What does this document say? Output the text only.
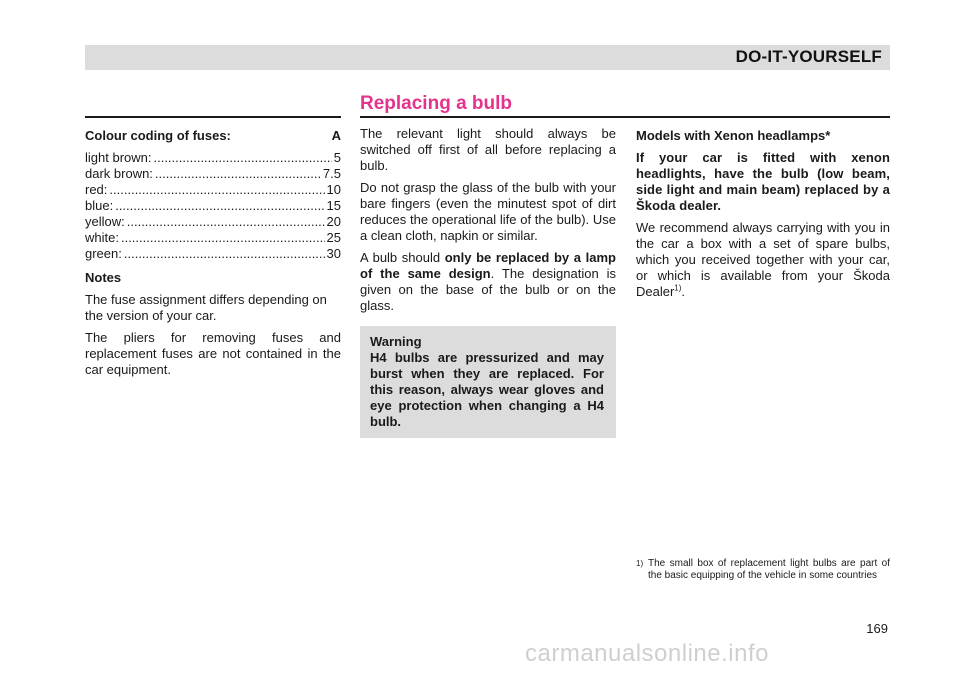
DO-IT-YOURSELF
Replacing a bulb
Colour coding of fuses:	A
light brown: .....	5
dark brown: .....	7.5
red: .....	10
blue: .....	15
yellow: .....	20
white: .....	25
green: .....	30
Notes

The fuse assignment differs depending on the version of your car.

The pliers for removing fuses and replacement fuses are not contained in the car equipment.

The relevant light should always be switched off first of all before replacing a bulb.

Do not grasp the glass of the bulb with your bare fingers (even the minutest spot of dirt reduces the operational life of the bulb). Use a clean cloth, napkin or similar.

A bulb should only be replaced by a lamp of the same design. The designation is given on the base of the bulb or on the glass.

Warning
H4 bulbs are pressurized and may burst when they are replaced. For this reason, always wear gloves and eye protection when changing a H4 bulb.
Models with Xenon headlamps*

If your car is fitted with xenon headlights, have the bulb (low beam, side light and main beam) replaced by a Škoda dealer.

We recommend always carrying with you in the car a box with a set of spare bulbs, which you received together with your car, or which is available from your Škoda Dealer$^{1)}$.

1) The small box of replacement light bulbs are part of the basic equipping of the vehicle in some countries
169
carmanualsonline.info
